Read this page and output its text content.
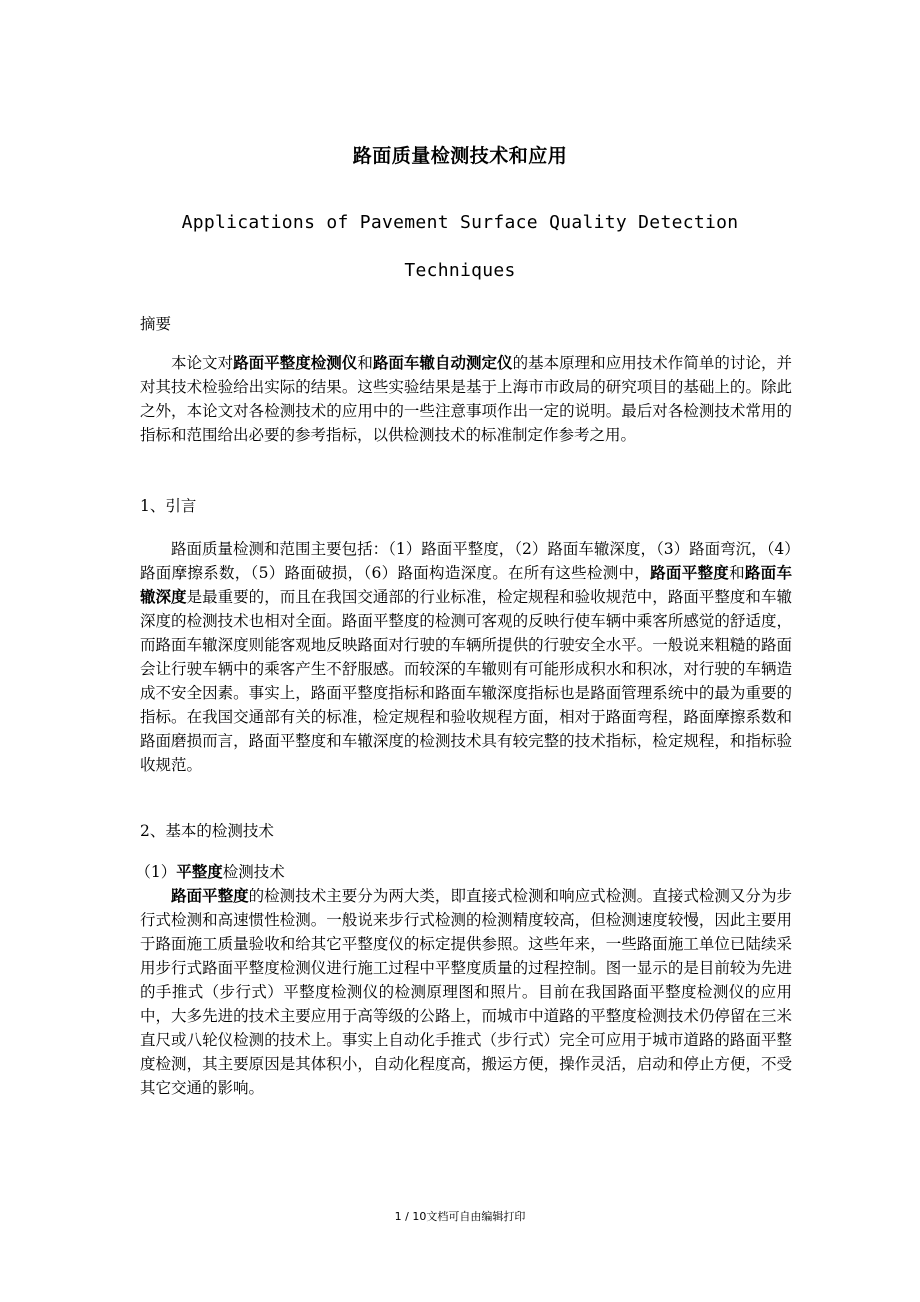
路面质量检测技术和应用
Applications of Pavement Surface Quality Detection
Techniques
摘要

本论文对路面平整度检测仪和路面车辙自动测定仪的基本原理和应用技术作简单的讨论，并对其技术检验给出实际的结果。这些实验结果是基于上海市市政局的研究项目的基础上的。除此之外，本论文对各检测技术的应用中的一些注意事项作出一定的说明。最后对各检测技术常用的指标和范围给出必要的参考指标，以供检测技术的标准制定作参考之用。

1、引言

路面质量检测和范围主要包括：（1）路面平整度，（2）路面车辙深度，（3）路面弯沉，（4）路面摩擦系数，（5）路面破损，（6）路面构造深度。在所有这些检测中，路面平整度和路面车辙深度是最重要的，而且在我国交通部的行业标准，检定规程和验收规范中，路面平整度和车辙深度的检测技术也相对全面。路面平整度的检测可客观的反映行使车辆中乘客所感觉的舒适度，而路面车辙深度则能客观地反映路面对行驶的车辆所提供的行驶安全水平。一般说来粗糙的路面会让行驶车辆中的乘客产生不舒服感。而较深的车辙则有可能形成积水和积冰，对行驶的车辆造成不安全因素。事实上，路面平整度指标和路面车辙深度指标也是路面管理系统中的最为重要的指标。在我国交通部有关的标准，检定规程和验收规程方面，相对于路面弯程，路面摩擦系数和路面磨损而言，路面平整度和车辙深度的检测技术具有较完整的技术指标，检定规程，和指标验收规范。

2、基本的检测技术

（1）平整度检测技术

路面平整度的检测技术主要分为两大类，即直接式检测和响应式检测。直接式检测又分为步行式检测和高速惯性检测。一般说来步行式检测的检测精度较高，但检测速度较慢，因此主要用于路面施工质量验收和给其它平整度仪的标定提供参照。这些年来，一些路面施工单位已陆续采用步行式路面平整度检测仪进行施工过程中平整度质量的过程控制。图一显示的是目前较为先进的手推式（步行式）平整度检测仪的检测原理图和照片。目前在我国路面平整度检测仪的应用中，大多先进的技术主要应用于高等级的公路上，而城市中道路的平整度检测技术仍停留在三米直尺或八轮仪检测的技术上。事实上自动化手推式（步行式）完全可应用于城市道路的路面平整度检测，其主要原因是其体积小，自动化程度高，搬运方便，操作灵活，启动和停止方便，不受其它交通的影响。

1 / 10文档可自由编辑打印
